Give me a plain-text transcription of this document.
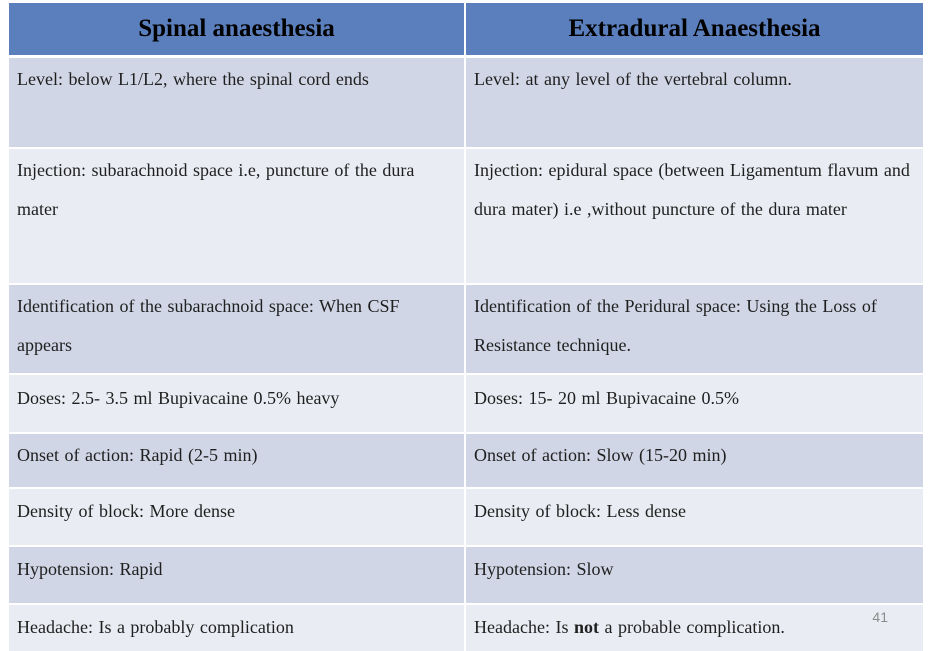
Spinal anaesthesia	Extradural Anaesthesia
Level: below L1/L2, where the spinal cord ends	Level: at any level of the vertebral column.
Injection: subarachnoid space i.e, puncture of the dura mater	Injection: epidural space (between Ligamentum flavum and dura mater) i.e ,without puncture of the dura mater
Identification of the subarachnoid space: When CSF appears	Identification of the Peridural space: Using the Loss of Resistance technique.
Doses: 2.5- 3.5 ml Bupivacaine 0.5% heavy	Doses: 15- 20 ml Bupivacaine 0.5%
Onset of action: Rapid (2-5 min)	Onset of action: Slow (15-20 min)
Density of block: More dense	Density of block: Less dense
Hypotension: Rapid	Hypotension: Slow
Headache: Is a probably complication	Headache: Is not a probable complication.	41
